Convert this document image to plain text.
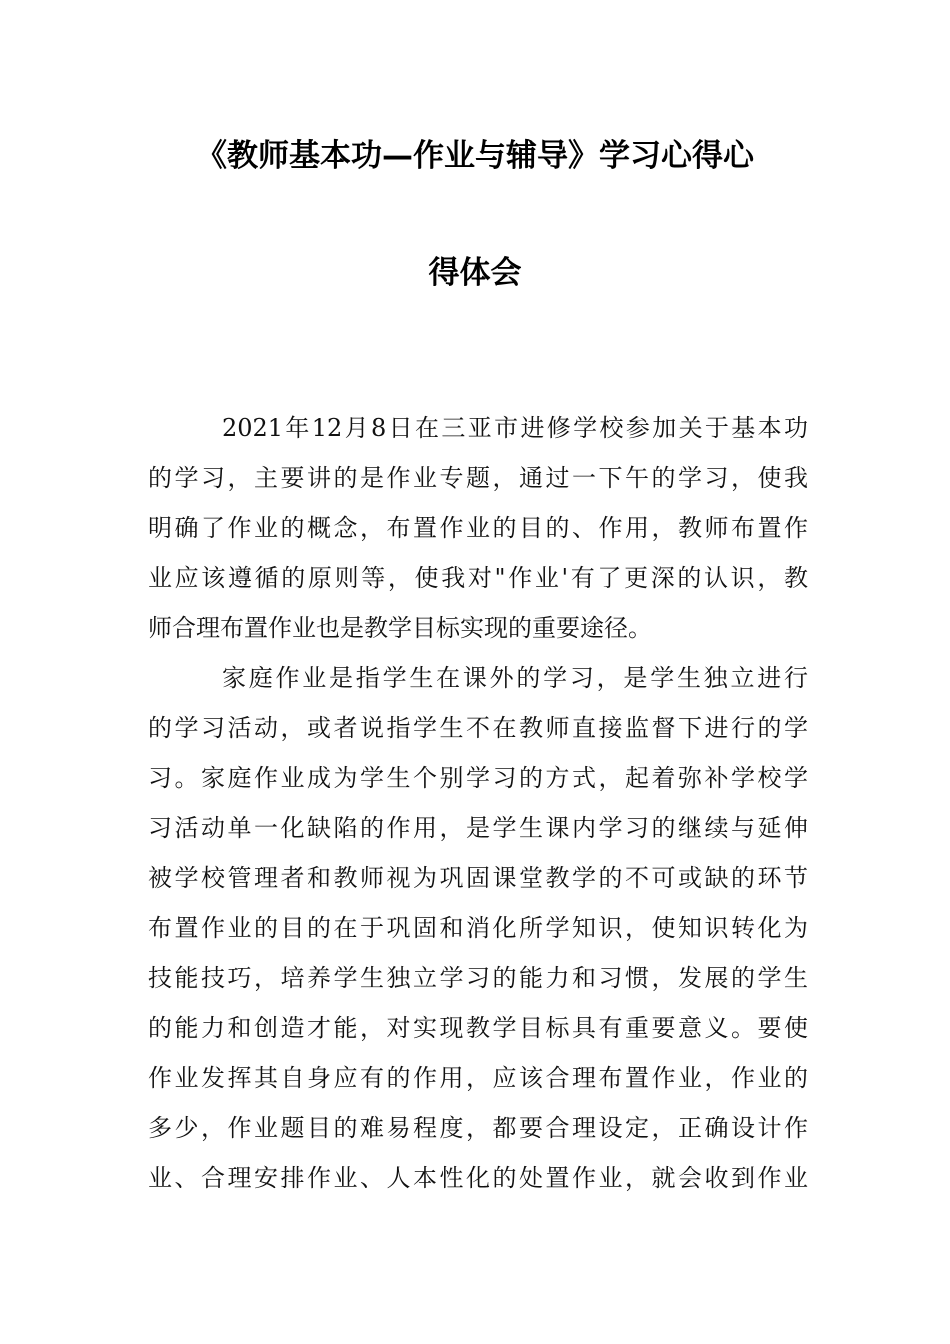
《教师基本功—作业与辅导》学习心得心
得体会
2021年12月8日在三亚市进修学校参加关于基本功
的学习，主要讲的是作业专题，通过一下午的学习，使我
明确了作业的概念，布置作业的目的、作用，教师布置作
业应该遵循的原则等，使我对"作业'有了更深的认识，教
师合理布置作业也是教学目标实现的重要途径。
家庭作业是指学生在课外的学习，是学生独立进行
的学习活动，或者说指学生不在教师直接监督下进行的学
习。家庭作业成为学生个别学习的方式，起着弥补学校学
习活动单一化缺陷的作用，是学生课内学习的继续与延伸
被学校管理者和教师视为巩固课堂教学的不可或缺的环节
布置作业的目的在于巩固和消化所学知识，使知识转化为
技能技巧，培养学生独立学习的能力和习惯，发展的学生
的能力和创造才能，对实现教学目标具有重要意义。要使
作业发挥其自身应有的作用，应该合理布置作业，作业的
多少，作业题目的难易程度，都要合理设定，正确设计作
业、合理安排作业、人本性化的处置作业，就会收到作业
